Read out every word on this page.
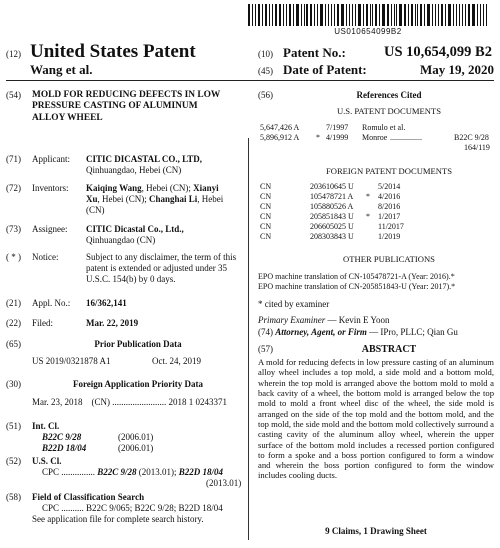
US010654099B2
(12) United States Patent
Wang et al.
(10) Patent No.:	US 10,654,099 B2
(45) Date of Patent:	May 19, 2020
(54) MOLD FOR REDUCING DEFECTS IN LOW
PRESSURE CASTING OF ALUMINUM
ALLOY WHEEL
(71) Applicant: CITIC DICASTAL CO., LTD,
Qinhuangdao, Hebei (CN)
(72) Inventors: Kaiqing Wang, Hebei (CN); Xianyi
Xu, Hebei (CN); Changhai Li, Hebei
(CN)
(73) Assignee: CITIC Dicastal Co., Ltd.,
Qinhuangdao (CN)
( * ) Notice:	Subject to any disclaimer, the term of this
patent is extended or adjusted under 35
U.S.C. 154(b) by 0 days.
(21) Appl. No.: 16/362,141
(22) Filed:	Mar. 22, 2019
(65)	Prior Publication Data
US 2019/0321878 A1	Oct. 24, 2019
(30)	Foreign Application Priority Data
Mar. 23, 2018 (CN) ........................ 2018 1 0243371
(51) Int. Cl.
B22C 9/28	(2006.01)
B22D 18/04	(2006.01)
(52) U.S. Cl.
CPC ............... B22C 9/28 (2013.01); B22D 18/04
(2013.01)
(58) Field of Classification Search
CPC .......... B22C 9/065; B22C 9/28; B22D 18/04
See application file for complete search history.
(56)	References Cited
U.S. PATENT DOCUMENTS
5,647,426 A	7/1997 Romulo et al.
5,896,912 A * 4/1999 Monroe ................	B22C 9/28
164/119
FOREIGN PATENT DOCUMENTS
CN	203610645 U	5/2014
CN	105478721 A * 4/2016
CN	105880526 A	8/2016
CN	205851843 U * 1/2017
CN	206605025 U	11/2017
CN	208303843 U	1/2019
OTHER PUBLICATIONS
EPO machine translation of CN-105478721-A (Year: 2016).*
EPO machine translation of CN-205851843-U (Year: 2017).*
* cited by examiner
Primary Examiner — Kevin E Yoon
(74) Attorney, Agent, or Firm — IPro, PLLC; Qian Gu
(57)	ABSTRACT
A mold for reducing defects in low pressure casting of an aluminum alloy wheel includes a top mold, a side mold and a bottom mold, wherein the top mold is arranged above the bottom mold to mold a back cavity of a wheel, the bottom mold is arranged below the top mold to mold a front wheel disc of the wheel, the side mold is arranged on the side of the top mold and the bottom mold, and the top mold, the side mold and the bottom mold collectively surround a casting cavity of the aluminum alloy wheel, wherein the upper surface of the bottom mold includes a recessed portion configured to form a spoke and a boss portion configured to form a window and wherein the boss portion configured to form the window includes cooling ducts.
9 Claims, 1 Drawing Sheet
